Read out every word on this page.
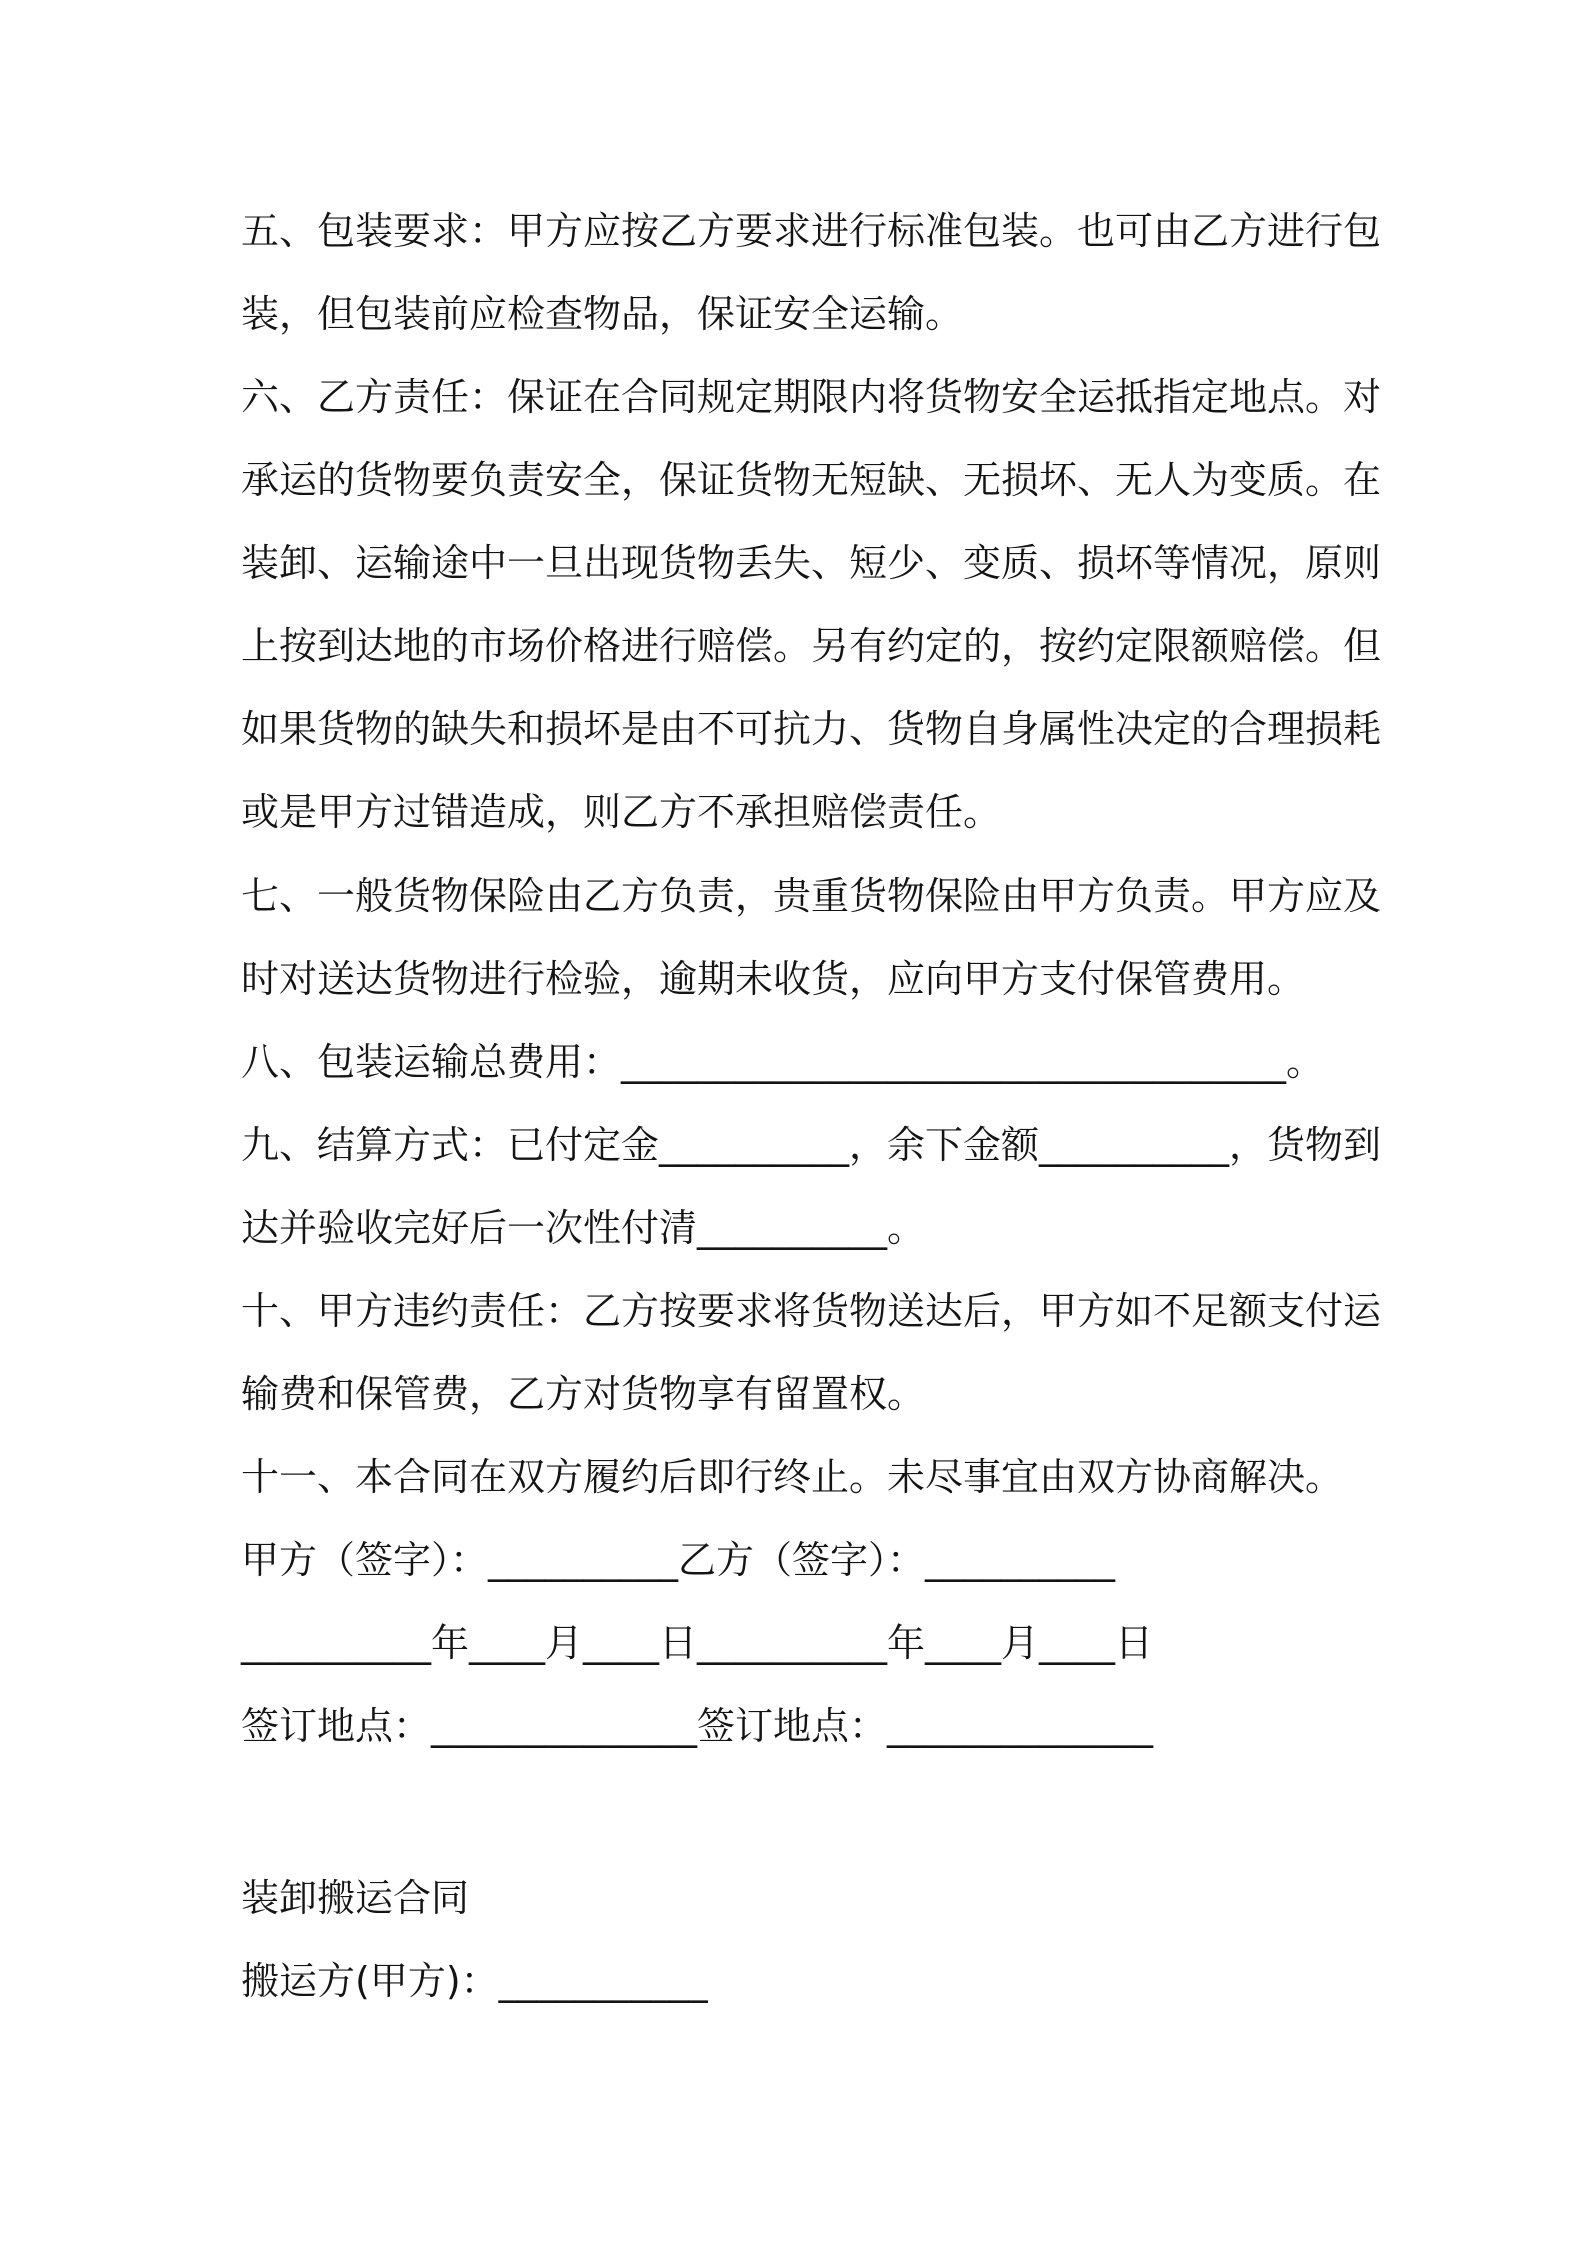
五、包装要求：甲方应按乙方要求进行标准包装。也可由乙方进行包

装，但包装前应检查物品，保证安全运输。

六、乙方责任：保证在合同规定期限内将货物安全运抵指定地点。对

承运的货物要负责安全，保证货物无短缺、无损坏、无人为变质。在

装卸、运输途中一旦出现货物丢失、短少、变质、损坏等情况，原则

上按到达地的市场价格进行赔偿。另有约定的，按约定限额赔偿。但

如果货物的缺失和损坏是由不可抗力、货物自身属性决定的合理损耗

或是甲方过错造成，则乙方不承担赔偿责任。

七、一般货物保险由乙方负责，贵重货物保险由甲方负责。甲方应及

时对送达货物进行检验，逾期未收货，应向甲方支付保管费用。

八、包装运输总费用：___________________________________。

九、结算方式：已付定金__________，余下金额__________，货物到

达并验收完好后一次性付清__________。

十、甲方违约责任：乙方按要求将货物送达后，甲方如不足额支付运

输费和保管费，乙方对货物享有留置权。

十一、本合同在双方履约后即行终止。未尽事宜由双方协商解决。

甲方（签字）：__________乙方（签字）：__________

__________年____月____日__________年____月____日

签订地点：______________签订地点：______________

装卸搬运合同

搬运方(甲方)：___________
